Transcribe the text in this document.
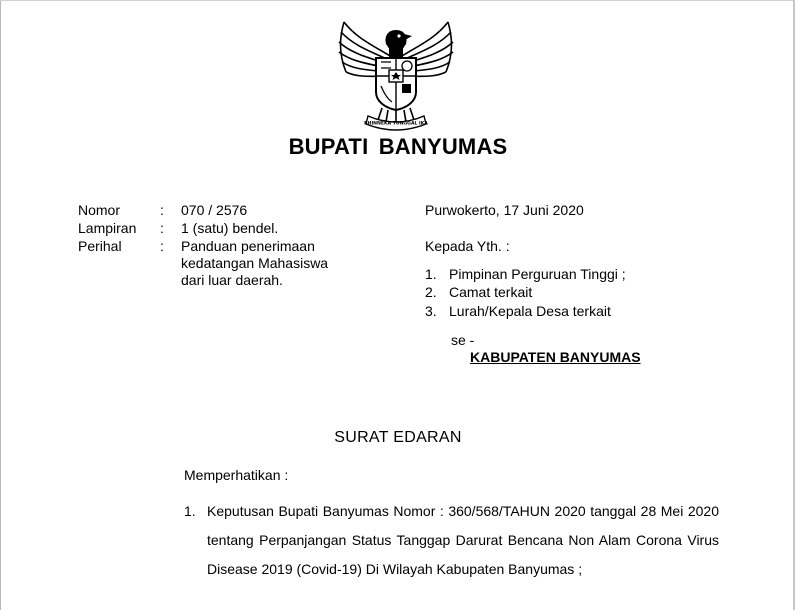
BHINNEKA TUNGGAL IKA
BUPATI BANYUMAS
Nomor	: 070 / 2576
Lampiran : 1 (satu) bendel.
Perihal	: Panduan penerimaan
kedatangan Mahasiswa
dari luar daerah.
Purwokerto, 17 Juni 2020
Kepada Yth. :
1. Pimpinan Perguruan Tinggi ;
2. Camat terkait
3. Lurah/Kepala Desa terkait
se -
KABUPATEN BANYUMAS
SURAT EDARAN
Memperhatikan :
1. Keputusan Bupati Banyumas Nomor : 360/568/TAHUN 2020 tanggal 28 Mei 2020 tentang Perpanjangan Status Tanggap Darurat Bencana Non Alam Corona Virus Disease 2019 (Covid-19) Di Wilayah Kabupaten Banyumas ;
